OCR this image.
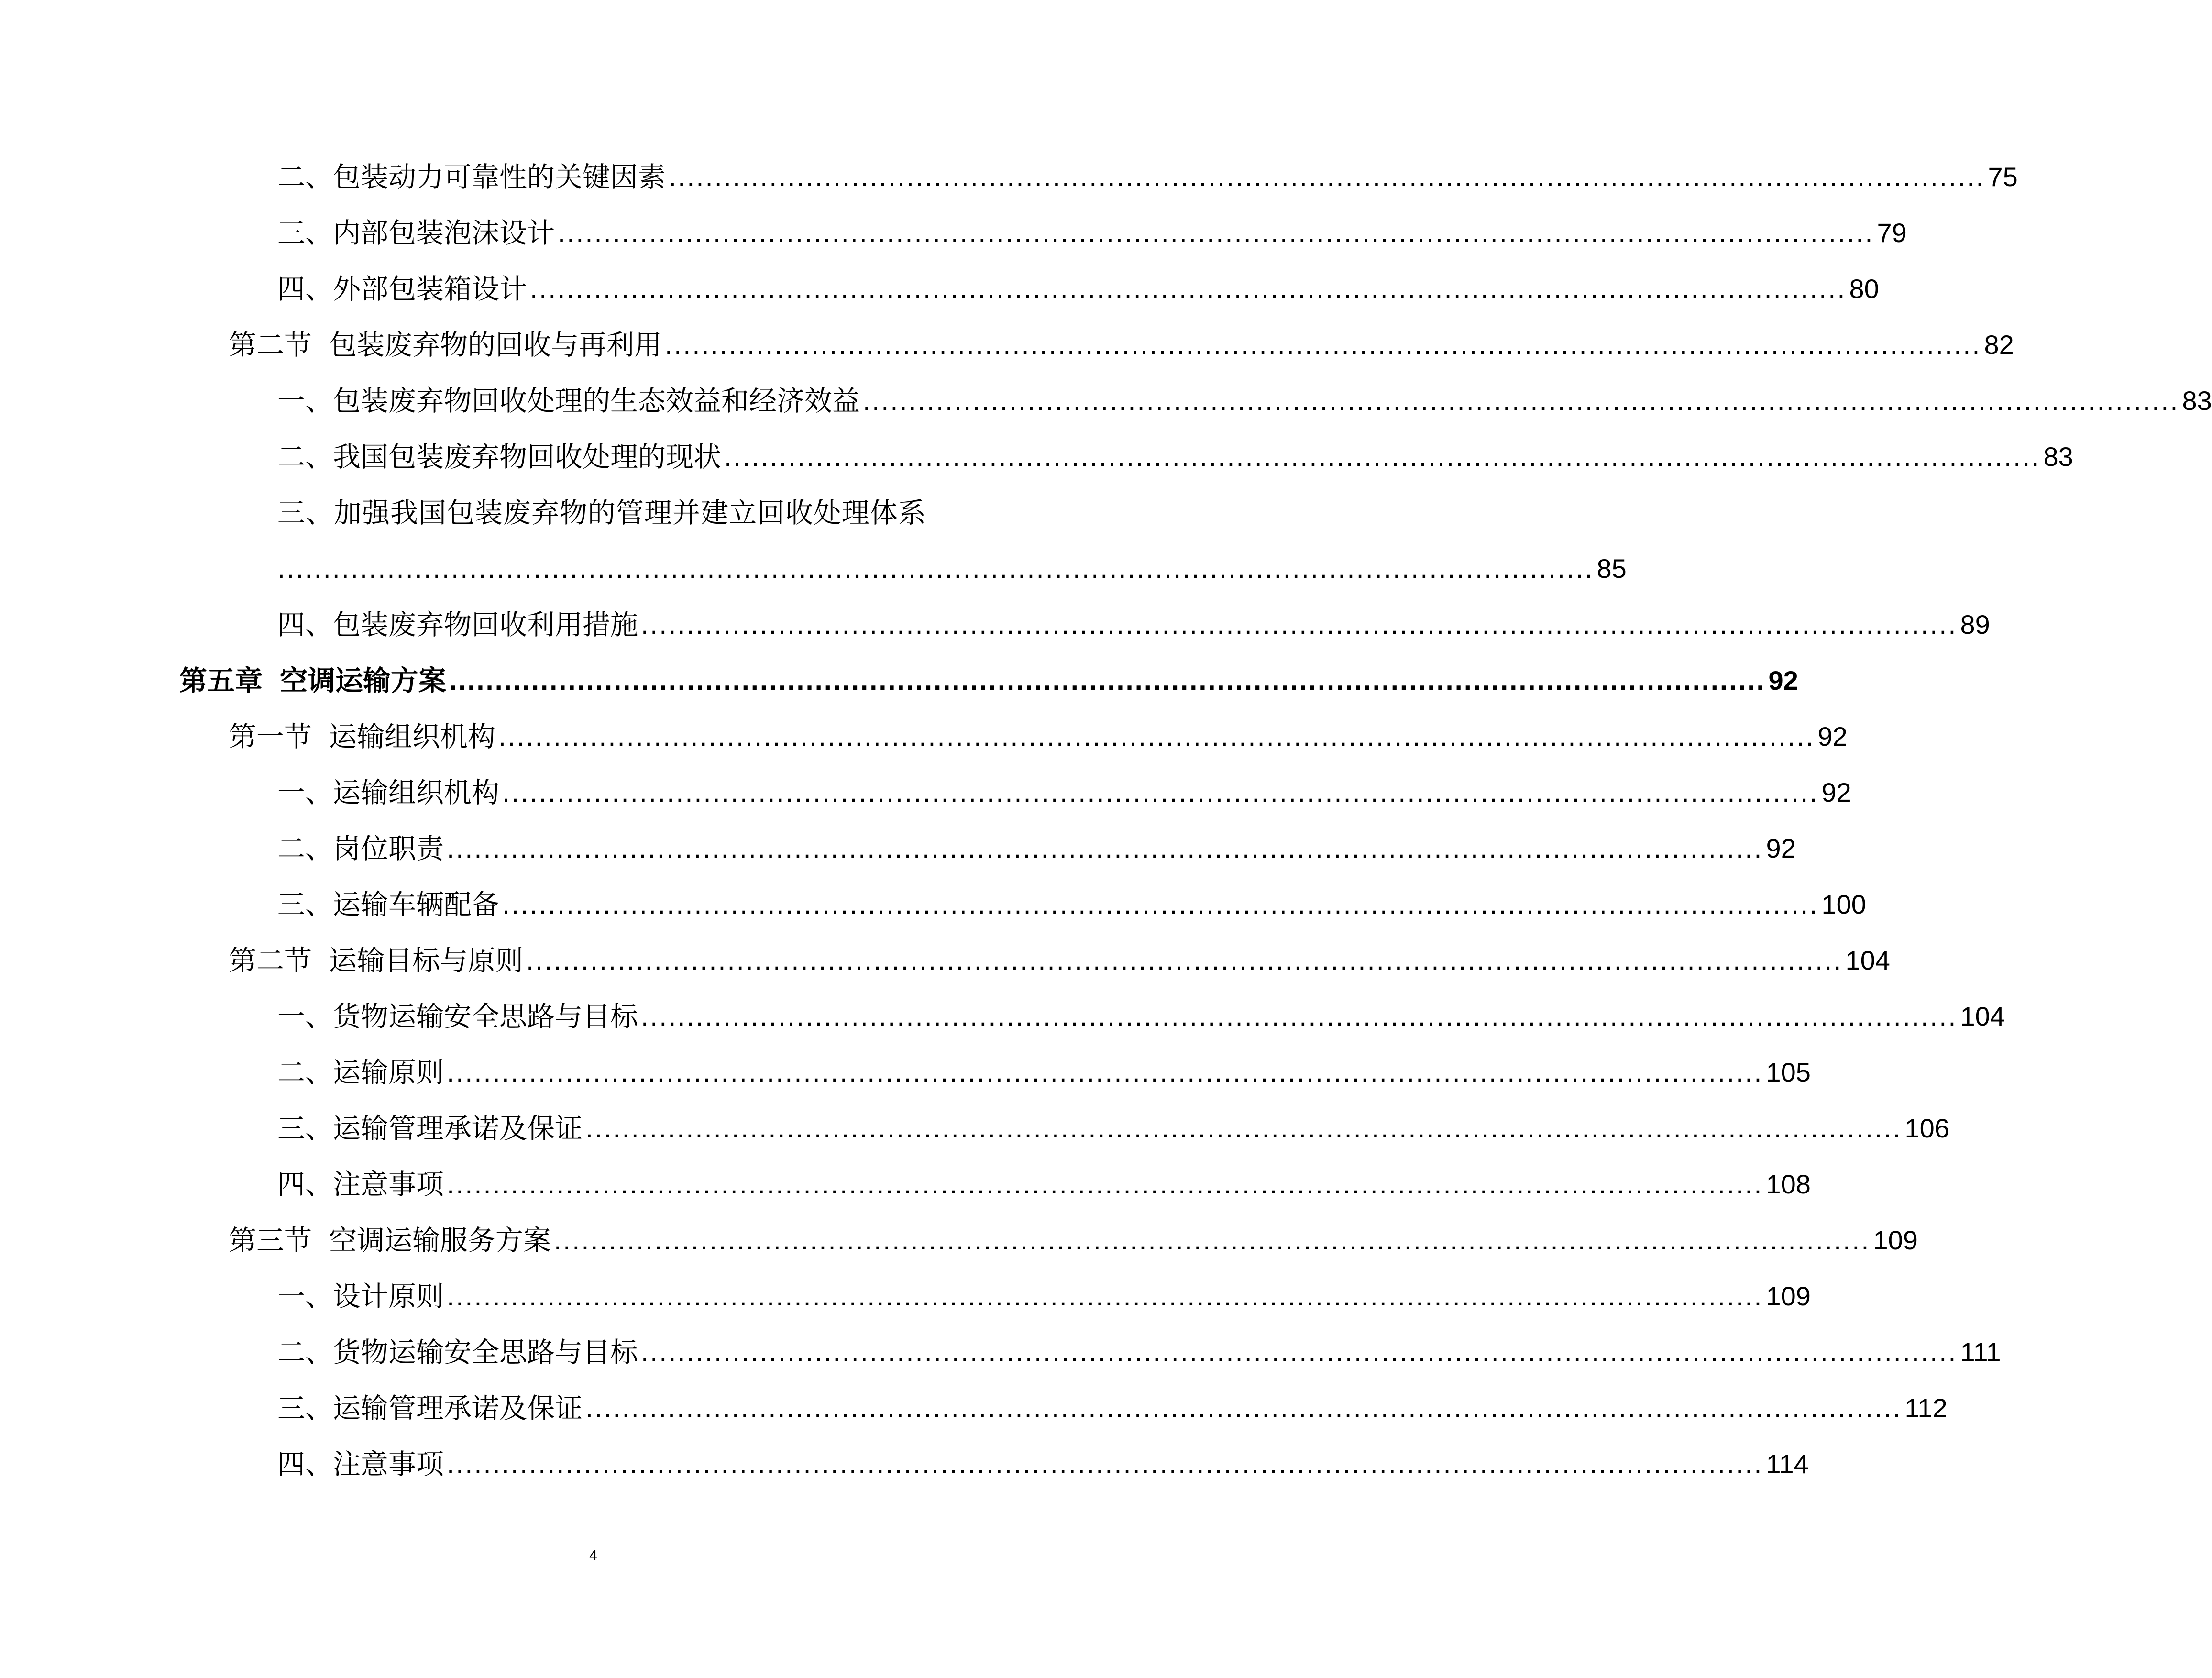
二、包装动力可靠性的关键因素 ................................................................................................................................................ 75
三、内部包装泡沫设计 ................................................................................................................................................ 79
四、外部包装箱设计 ................................................................................................................................................ 80
第二节 包装废弃物的回收与再利用 ................................................................................................................................................ 82
一、包装废弃物回收处理的生态效益和经济效益 ................................................................................................................................................ 83
二、我国包装废弃物回收处理的现状 ................................................................................................................................................ 83
三、加强我国包装废弃物的管理并建立回收处理体系
................................................................................................................................................ 85
四、包装废弃物回收利用措施 ................................................................................................................................................ 89
第五章 空调运输方案 ................................................................................................................................................ 92
第一节 运输组织机构 ................................................................................................................................................ 92
一、运输组织机构 ................................................................................................................................................ 92
二、岗位职责 ................................................................................................................................................ 92
三、运输车辆配备 ................................................................................................................................................ 100
第二节 运输目标与原则 ................................................................................................................................................ 104
一、货物运输安全思路与目标 ................................................................................................................................................ 104
二、运输原则 ................................................................................................................................................ 105
三、运输管理承诺及保证 ................................................................................................................................................ 106
四、注意事项 ................................................................................................................................................ 108
第三节 空调运输服务方案 ................................................................................................................................................ 109
一、设计原则 ................................................................................................................................................ 109
二、货物运输安全思路与目标 ................................................................................................................................................ 111
三、运输管理承诺及保证 ................................................................................................................................................ 112
四、注意事项 ................................................................................................................................................ 114
4
